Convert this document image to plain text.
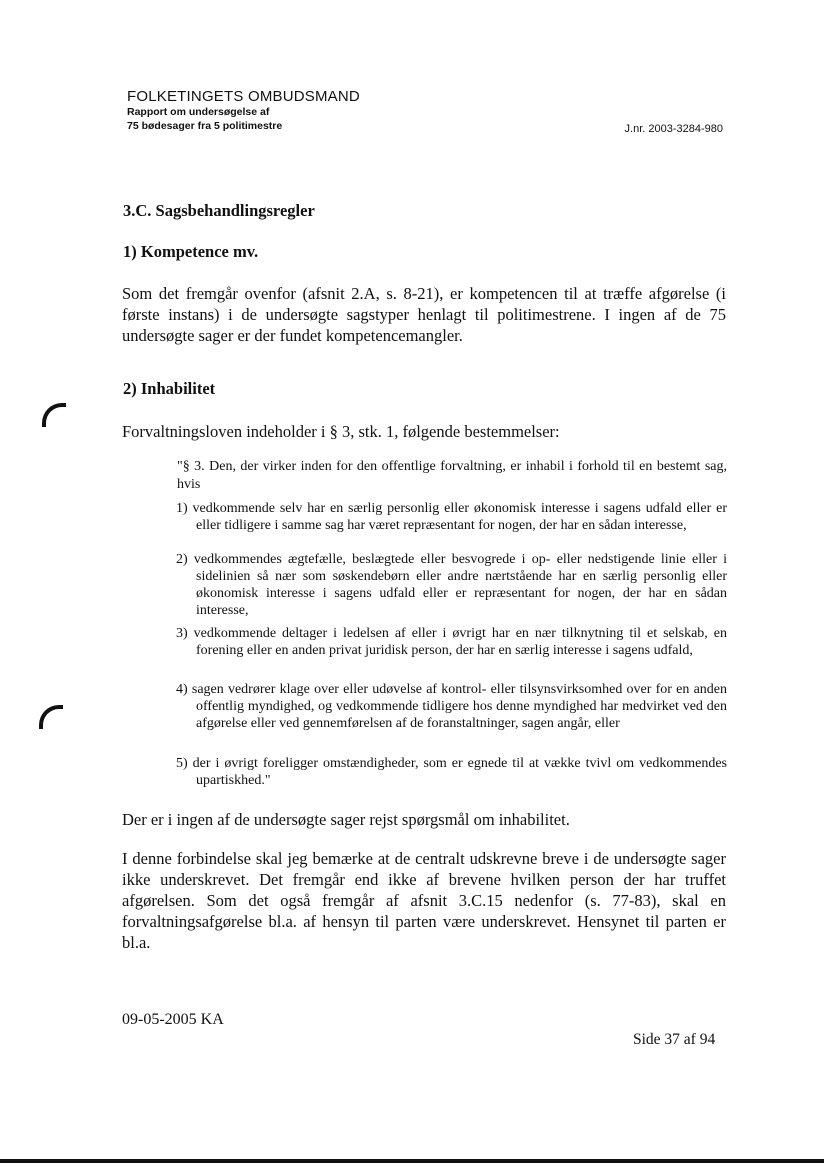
FOLKETINGETS OMBUDSMAND
Rapport om undersøgelse af
75 bødesager fra 5 politimestre	J.nr. 2003-3284-980
3.C. Sagsbehandlingsregler
1) Kompetence mv.
Som det fremgår ovenfor (afsnit 2.A, s. 8-21), er kompetencen til at træffe afgørelse (i første instans) i de undersøgte sagstyper henlagt til politimestrene. I ingen af de 75 undersøgte sager er der fundet kompetencemangler.
2) Inhabilitet
Forvaltningsloven indeholder i § 3, stk. 1, følgende bestemmelser:
"§ 3. Den, der virker inden for den offentlige forvaltning, er inhabil i forhold til en bestemt sag, hvis
1) vedkommende selv har en særlig personlig eller økonomisk interesse i sagens udfald eller er eller tidligere i samme sag har været repræsentant for nogen, der har en sådan interesse,
2) vedkommendes ægtefælle, beslægtede eller besvogrede i op- eller nedstigende linie eller i sidelinien så nær som søskendebørn eller andre nærtstående har en særlig personlig eller økonomisk interesse i sagens udfald eller er repræsentant for nogen, der har en sådan interesse,
3) vedkommende deltager i ledelsen af eller i øvrigt har en nær tilknytning til et selskab, en forening eller en anden privat juridisk person, der har en særlig interesse i sagens udfald,
4) sagen vedrører klage over eller udøvelse af kontrol- eller tilsynsvirksomhed over for en anden offentlig myndighed, og vedkommende tidligere hos denne myndighed har medvirket ved den afgørelse eller ved gennemførelsen af de foranstaltninger, sagen angår, eller
5) der i øvrigt foreligger omstændigheder, som er egnede til at vække tvivl om vedkommendes upartiskhed."
Der er i ingen af de undersøgte sager rejst spørgsmål om inhabilitet.
I denne forbindelse skal jeg bemærke at de centralt udskrevne breve i de undersøgte sager ikke underskrevet. Det fremgår end ikke af brevene hvilken person der har truffet afgørelsen. Som det også fremgår af afsnit 3.C.15 nedenfor (s. 77-83), skal en forvaltningsafgørelse bl.a. af hensyn til parten være underskrevet. Hensynet til parten er bl.a.
09-05-2005 KA
Side 37 af 94
